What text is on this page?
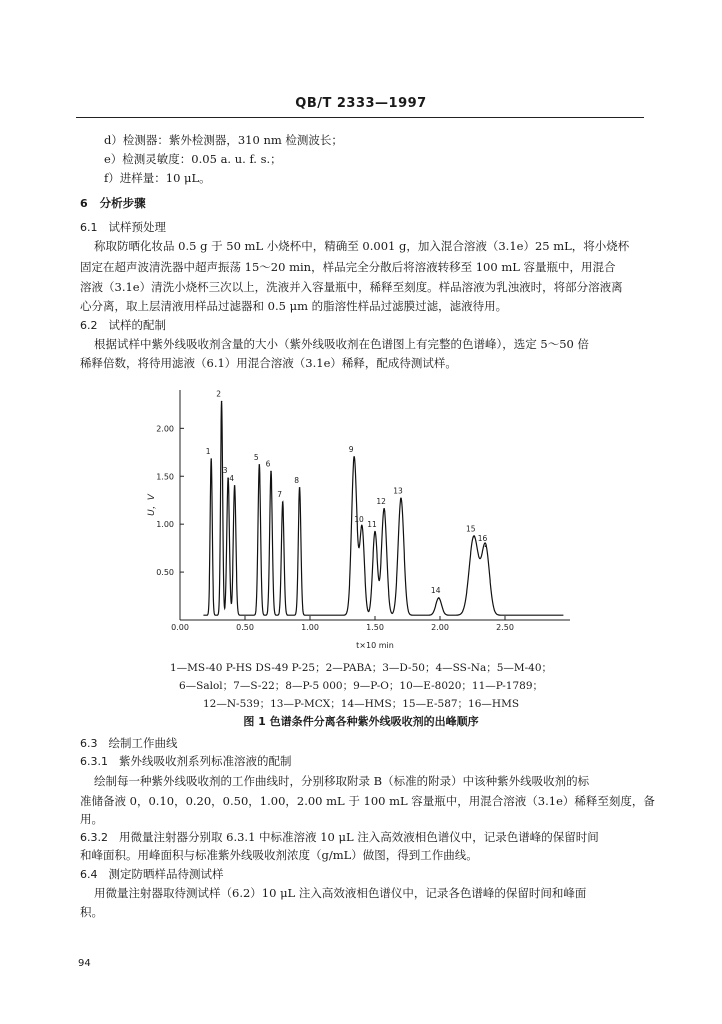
QB/T 2333—1997
d）检测器：紫外检测器，310 nm 检测波长；
e）检测灵敏度：0.05 a. u. f. s.；
f）进样量：10 μL。
6 分析步骤
6.1 试样预处理
称取防晒化妆品 0.5 g 于 50 mL 小烧杯中，精确至 0.001 g，加入混合溶液（3.1e）25 mL，将小烧杯
固定在超声波清洗器中超声振荡 15～20 min，样品完全分散后将溶液转移至 100 mL 容量瓶中，用混合
溶液（3.1e）清洗小烧杯三次以上，洗液并入容量瓶中，稀释至刻度。样品溶液为乳浊液时，将部分溶液离
心分离，取上层清液用样品过滤器和 0.5 μm 的脂溶性样品过滤膜过滤，滤液待用。
6.2 试样的配制
根据试样中紫外线吸收剂含量的大小（紫外线吸收剂在色谱图上有完整的色谱峰），选定 5～50 倍
稀释倍数，将待用滤液（6.1）用混合溶液（3.1e）稀释，配成待测试样。
0.50
1.00
1.50
2.00
0.00	0.50	1.00	1.50	2.00	2.50
U，V
t×10 min
1
2
3
4
5
6
7
8
9
10
11
12
13
14
15
16
1—MS-40 P-HS DS-49 P-25；2—PABA；3—D-50；4—SS-Na；5—M-40；
6—Salol；7—S-22；8—P-5 000；9—P-O；10—E-8020；11—P-1789；
12—N-539；13—P-MCX；14—HMS；15—E-587；16—HMS
图 1 色谱条件分离各种紫外线吸收剂的出峰顺序
6.3 绘制工作曲线
6.3.1 紫外线吸收剂系列标准溶液的配制
绘制每一种紫外线吸收剂的工作曲线时，分别移取附录 B（标准的附录）中该种紫外线吸收剂的标
准储备液 0，0.10，0.20，0.50，1.00，2.00 mL 于 100 mL 容量瓶中，用混合溶液（3.1e）稀释至刻度，备
用。
6.3.2 用微量注射器分别取 6.3.1 中标准溶液 10 μL 注入高效液相色谱仪中，记录色谱峰的保留时间
和峰面积。用峰面积与标准紫外线吸收剂浓度（g/mL）做图，得到工作曲线。
6.4 测定防晒样品待测试样
用微量注射器取待测试样（6.2）10 μL 注入高效液相色谱仪中，记录各色谱峰的保留时间和峰面
积。
94
